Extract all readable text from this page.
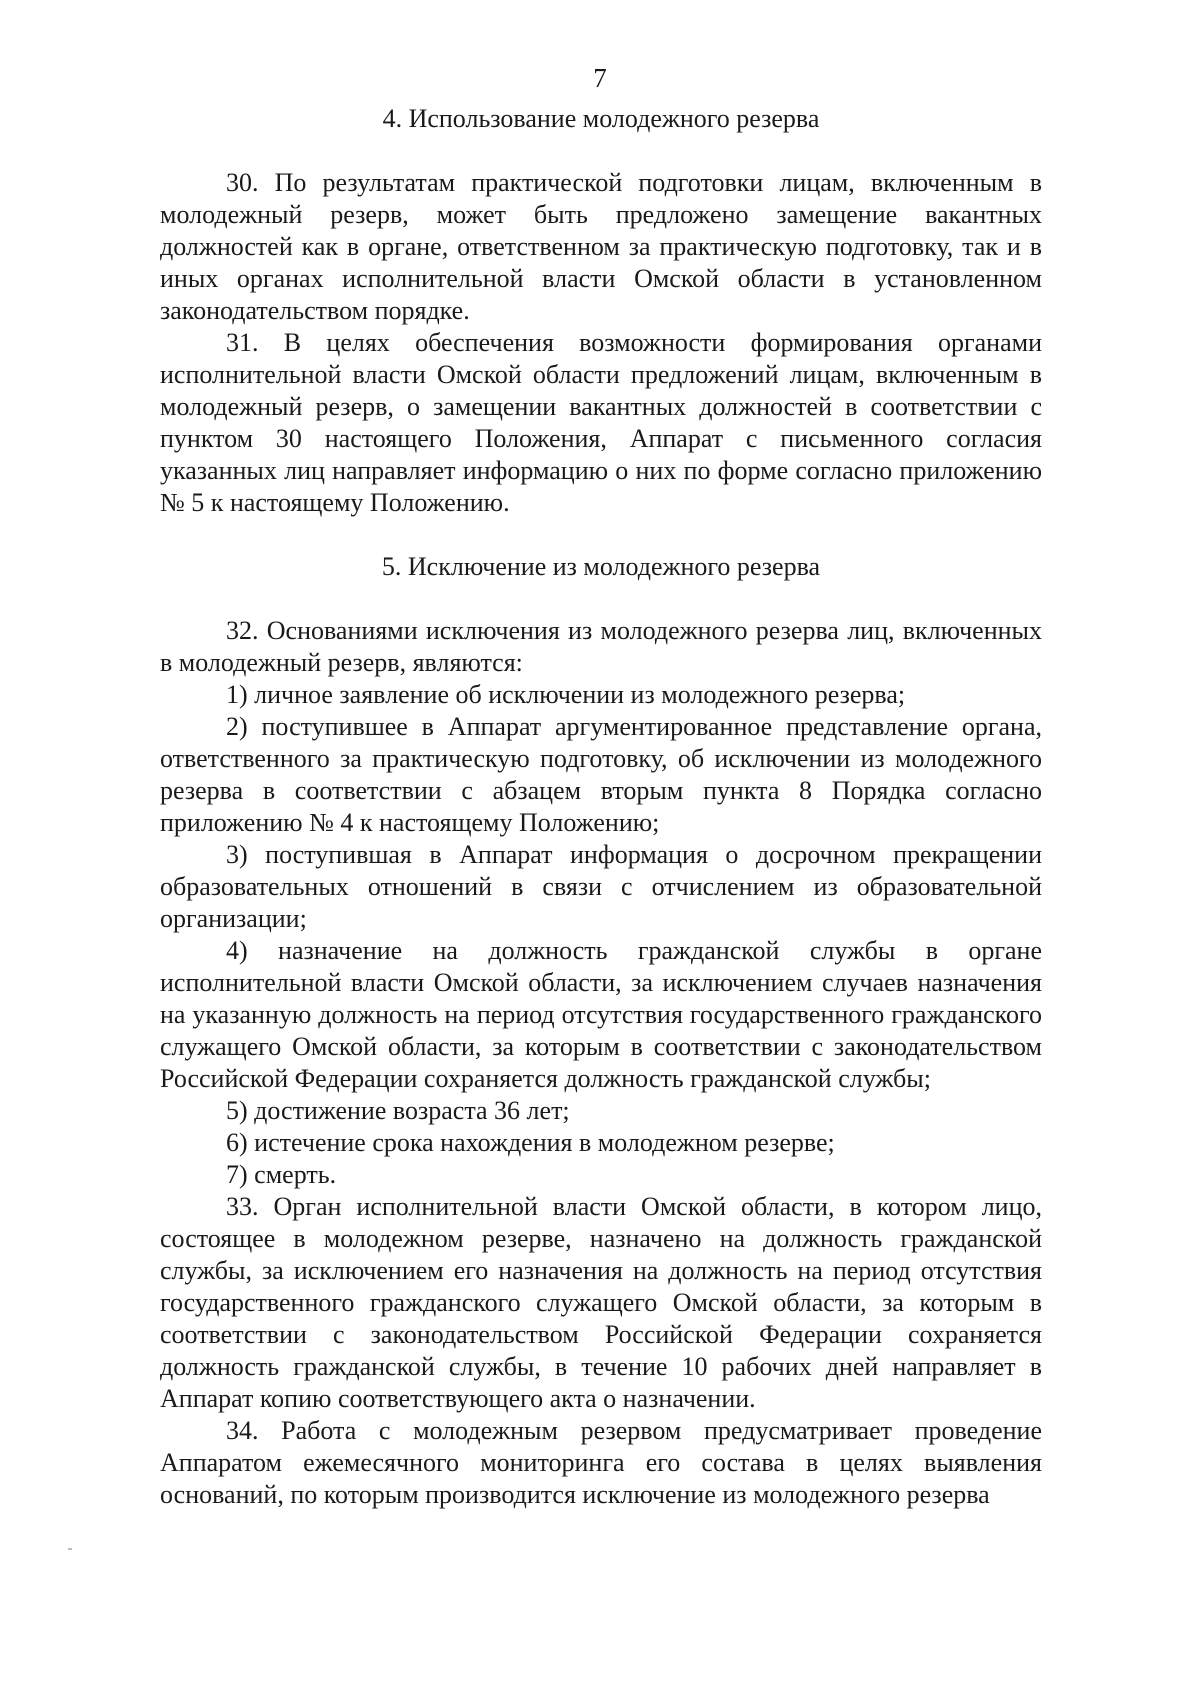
7
4. Использование молодежного резерва

30. По результатам практической подготовки лицам, включенным в молодежный резерв, может быть предложено замещение вакантных должностей как в органе, ответственном за практическую подготовку, так и в иных органах исполнительной власти Омской области в установленном законодательством порядке.

31. В целях обеспечения возможности формирования органами исполнительной власти Омской области предложений лицам, включенным в молодежный резерв, о замещении вакантных должностей в соответствии с пунктом 30 настоящего Положения, Аппарат с письменного согласия указанных лиц направляет информацию о них по форме согласно приложению № 5 к настоящему Положению.

5. Исключение из молодежного резерва

32. Основаниями исключения из молодежного резерва лиц, включенных в молодежный резерв, являются:

1) личное заявление об исключении из молодежного резерва;

2) поступившее в Аппарат аргументированное представление органа, ответственного за практическую подготовку, об исключении из молодежного резерва в соответствии с абзацем вторым пункта 8 Порядка согласно приложению № 4 к настоящему Положению;

3) поступившая в Аппарат информация о досрочном прекращении образовательных отношений в связи с отчислением из образовательной организации;

4) назначение на должность гражданской службы в органе исполнительной власти Омской области, за исключением случаев назначения на указанную должность на период отсутствия государственного гражданского служащего Омской области, за которым в соответствии с законодательством Российской Федерации сохраняется должность гражданской службы;

5) достижение возраста 36 лет;

6) истечение срока нахождения в молодежном резерве;

7) смерть.

33. Орган исполнительной власти Омской области, в котором лицо, состоящее в молодежном резерве, назначено на должность гражданской службы, за исключением его назначения на должность на период отсутствия государственного гражданского служащего Омской области, за которым в соответствии с законодательством Российской Федерации сохраняется должность гражданской службы, в течение 10 рабочих дней направляет в Аппарат копию соответствующего акта о назначении.

34. Работа с молодежным резервом предусматривает проведение Аппаратом ежемесячного мониторинга его состава в целях выявления оснований, по которым производится исключение из молодежного резерва
